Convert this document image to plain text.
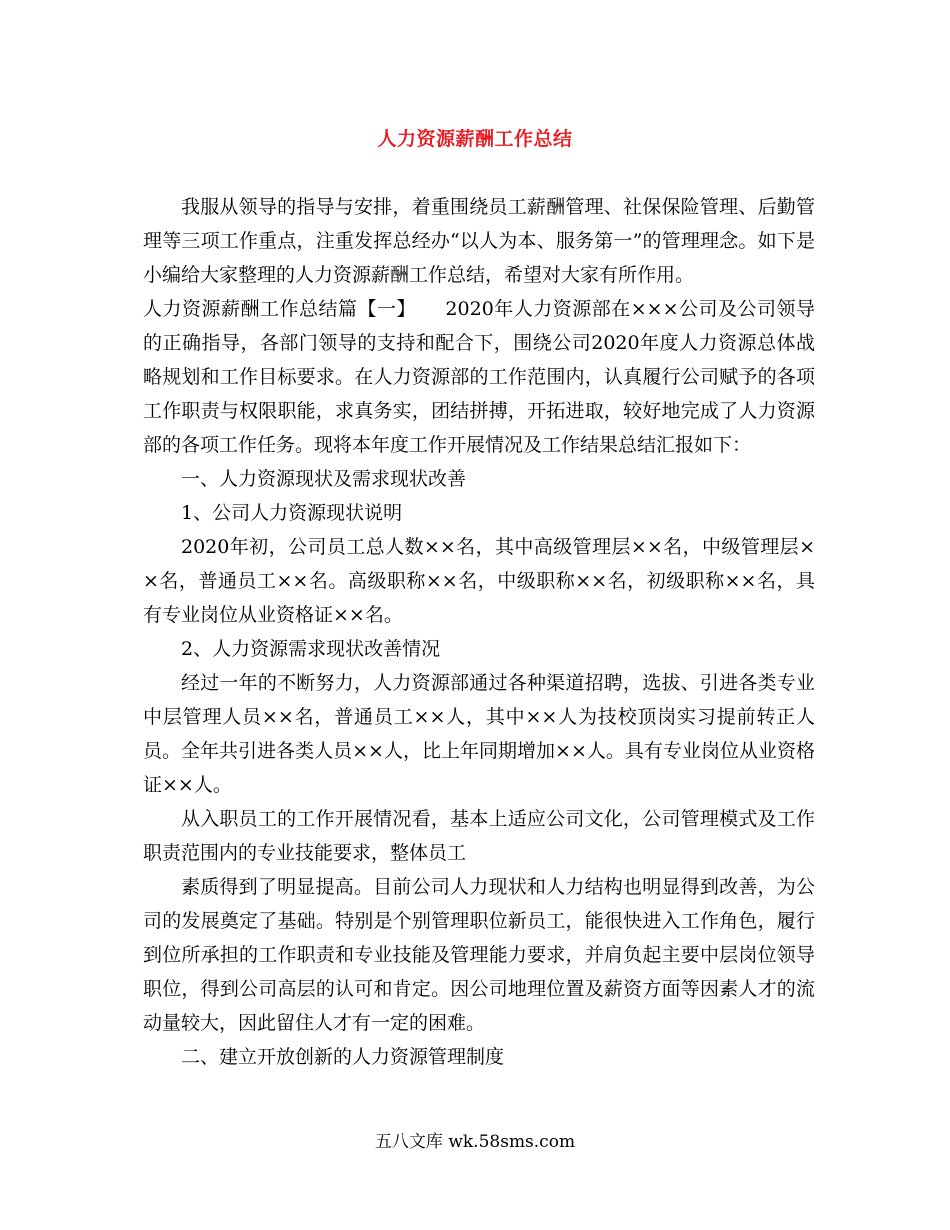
人力资源薪酬工作总结

我服从领导的指导与安排，着重围绕员工薪酬管理、社保保险管理、后勤管理等三项工作重点，注重发挥总经办“以人为本、服务第一”的管理理念。如下是小编给大家整理的人力资源薪酬工作总结，希望对大家有所作用。

人力资源薪酬工作总结篇【一】　　2020年人力资源部在×××公司及公司领导的正确指导，各部门领导的支持和配合下，围绕公司2020年度人力资源总体战略规划和工作目标要求。在人力资源部的工作范围内，认真履行公司赋予的各项工作职责与权限职能，求真务实，团结拼搏，开拓进取，较好地完成了人力资源部的各项工作任务。现将本年度工作开展情况及工作结果总结汇报如下：

一、人力资源现状及需求现状改善

1、公司人力资源现状说明

2020年初，公司员工总人数××名，其中高级管理层××名，中级管理层××名，普通员工××名。高级职称××名，中级职称××名，初级职称××名，具有专业岗位从业资格证××名。

2、人力资源需求现状改善情况

经过一年的不断努力，人力资源部通过各种渠道招聘，选拔、引进各类专业中层管理人员××名，普通员工××人，其中××人为技校顶岗实习提前转正人员。全年共引进各类人员××人，比上年同期增加××人。具有专业岗位从业资格证××人。

从入职员工的工作开展情况看，基本上适应公司文化，公司管理模式及工作职责范围内的专业技能要求，整体员工

素质得到了明显提高。目前公司人力现状和人力结构也明显得到改善，为公司的发展奠定了基础。特别是个别管理职位新员工，能很快进入工作角色，履行到位所承担的工作职责和专业技能及管理能力要求，并肩负起主要中层岗位领导职位，得到公司高层的认可和肯定。因公司地理位置及薪资方面等因素人才的流动量较大，因此留住人才有一定的困难。

二、建立开放创新的人力资源管理制度

五八文库 wk.58sms.com
